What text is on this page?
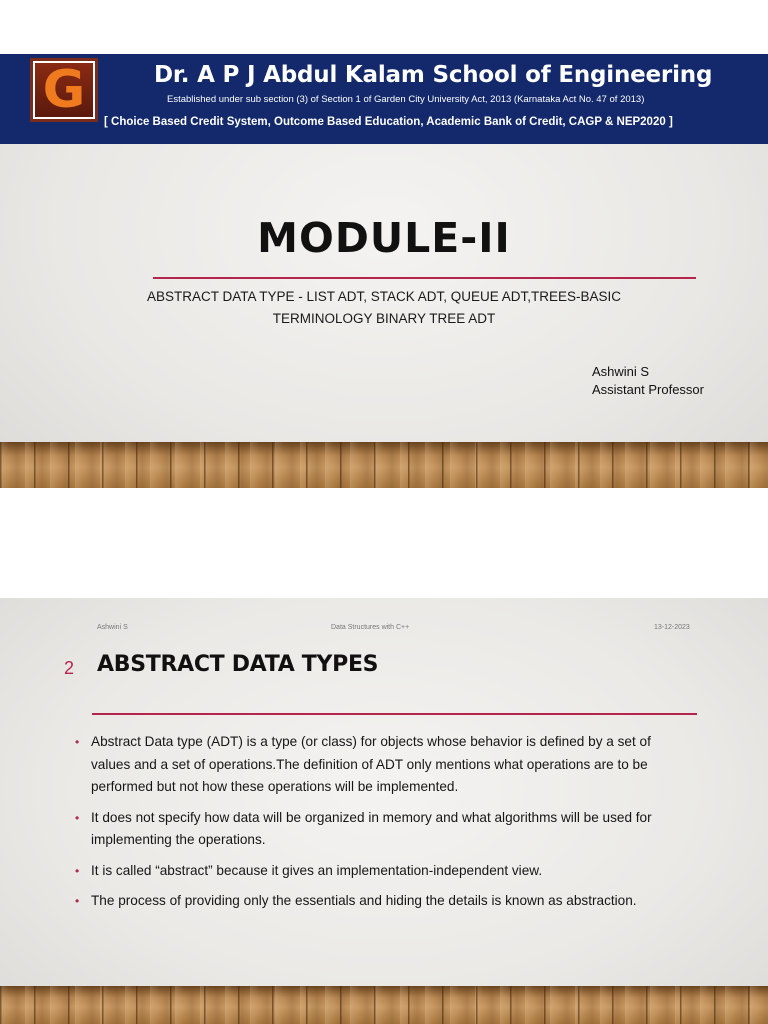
G	Dr. A P J Abdul Kalam School of Engineering
Established under sub section (3) of Section 1 of Garden City University Act, 2013 (Karnataka Act No. 47 of 2013)
[ Choice Based Credit System, Outcome Based Education, Academic Bank of Credit, CAGP & NEP2020 ]
MODULE-II
ABSTRACT DATA TYPE - LIST ADT, STACK ADT, QUEUE ADT,TREES-BASIC
TERMINOLOGY BINARY TREE ADT
Ashwini S
Assistant Professor
Ashwini S	Data Structures with C++	13-12-2023
2 ABSTRACT DATA TYPES
• Abstract Data type (ADT) is a type (or class) for objects whose behavior is defined by a set of values and a set of operations.The definition of ADT only mentions what operations are to be performed but not how these operations will be implemented.
• It does not specify how data will be organized in memory and what algorithms will be used for implementing the operations.
• It is called “abstract” because it gives an implementation-independent view.
• The process of providing only the essentials and hiding the details is known as abstraction.
